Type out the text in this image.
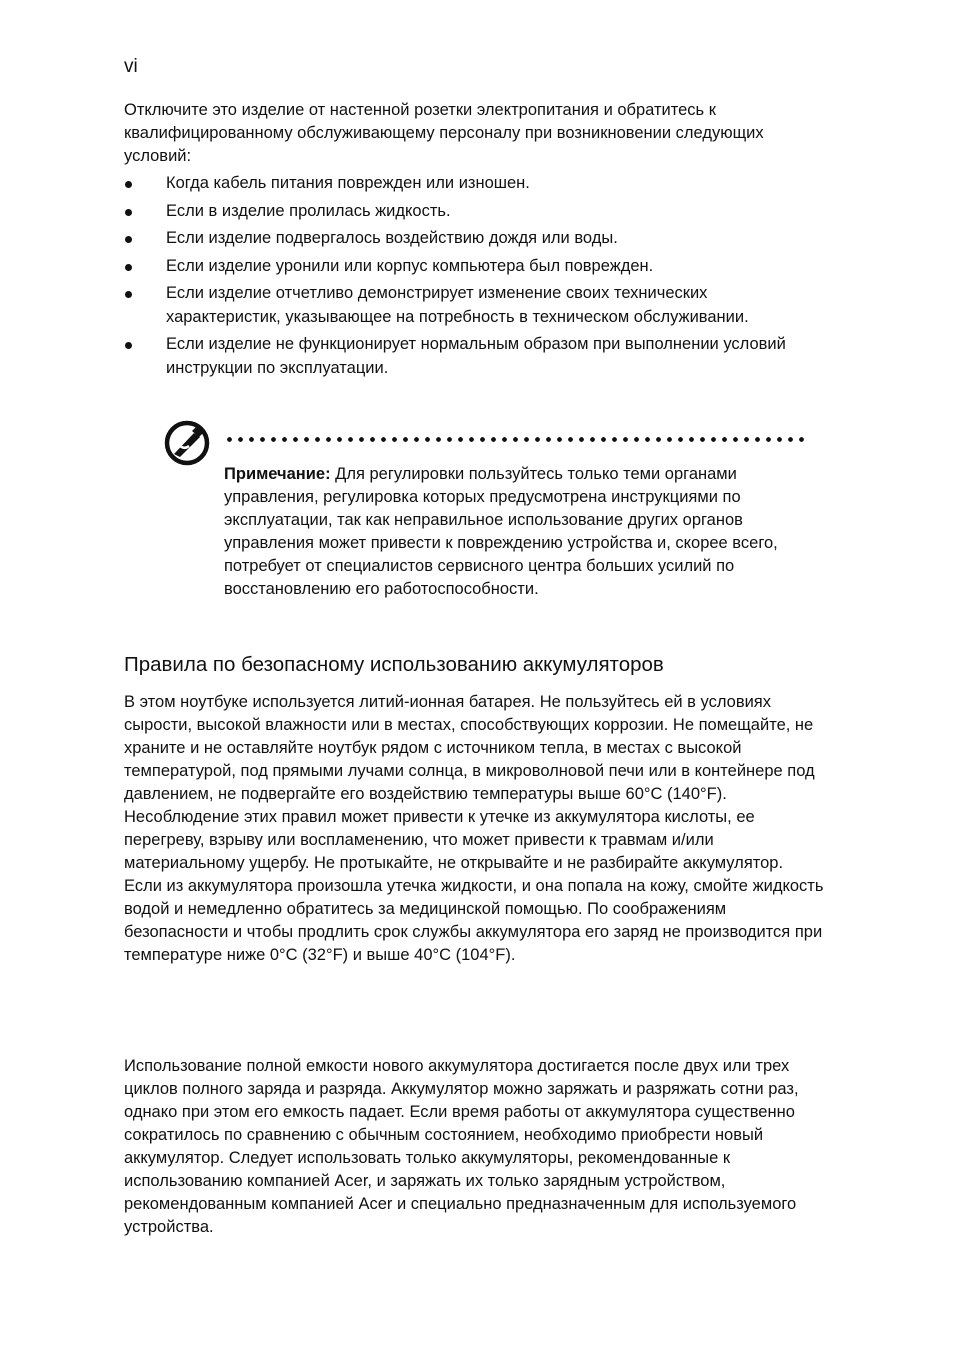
vi

Отключите это изделие от настенной розетки электропитания и обратитесь к квалифицированному обслуживающему персоналу при возникновении следующих условий:

Когда кабель питания поврежден или изношен.
Если в изделие пролилась жидкость.
Если изделие подвергалось воздействию дождя или воды.
Если изделие уронили или корпус компьютера был поврежден.
Если изделие отчетливо демонстрирует изменение своих технических характеристик, указывающее на потребность в техническом обслуживании.
Если изделие не функционирует нормальным образом при выполнении условий инструкции по эксплуатации.

Примечание: Для регулировки пользуйтесь только теми органами управления, регулировка которых предусмотрена инструкциями по эксплуатации, так как неправильное использование других органов управления может привести к повреждению устройства и, скорее всего, потребует от специалистов сервисного центра больших усилий по восстановлению его работоспособности.

Правила по безопасному использованию аккумуляторов

В этом ноутбуке используется литий-ионная батарея. Не пользуйтесь ей в условиях сырости, высокой влажности или в местах, способствующих коррозии. Не помещайте, не храните и не оставляйте ноутбук рядом с источником тепла, в местах с высокой температурой, под прямыми лучами солнца, в микроволновой печи или в контейнере под давлением, не подвергайте его воздействию температуры выше 60°C (140°F). Несоблюдение этих правил может привести к утечке из аккумулятора кислоты, ее перегреву, взрыву или воспламенению, что может привести к травмам и/или материальному ущербу. Не протыкайте, не открывайте и не разбирайте аккумулятор. Если из аккумулятора произошла утечка жидкости, и она попала на кожу, смойте жидкость водой и немедленно обратитесь за медицинской помощью. По соображениям безопасности и чтобы продлить срок службы аккумулятора его заряд не производится при температуре ниже 0°C (32°F) и выше 40°C (104°F).

Использование полной емкости нового аккумулятора достигается после двух или трех циклов полного заряда и разряда. Аккумулятор можно заряжать и разряжать сотни раз, однако при этом его емкость падает. Если время работы от аккумулятора существенно сократилось по сравнению с обычным состоянием, необходимо приобрести новый аккумулятор. Следует использовать только аккумуляторы, рекомендованные к использованию компанией Acer, и заряжать их только зарядным устройством, рекомендованным компанией Acer и специально предназначенным для используемого устройства.
